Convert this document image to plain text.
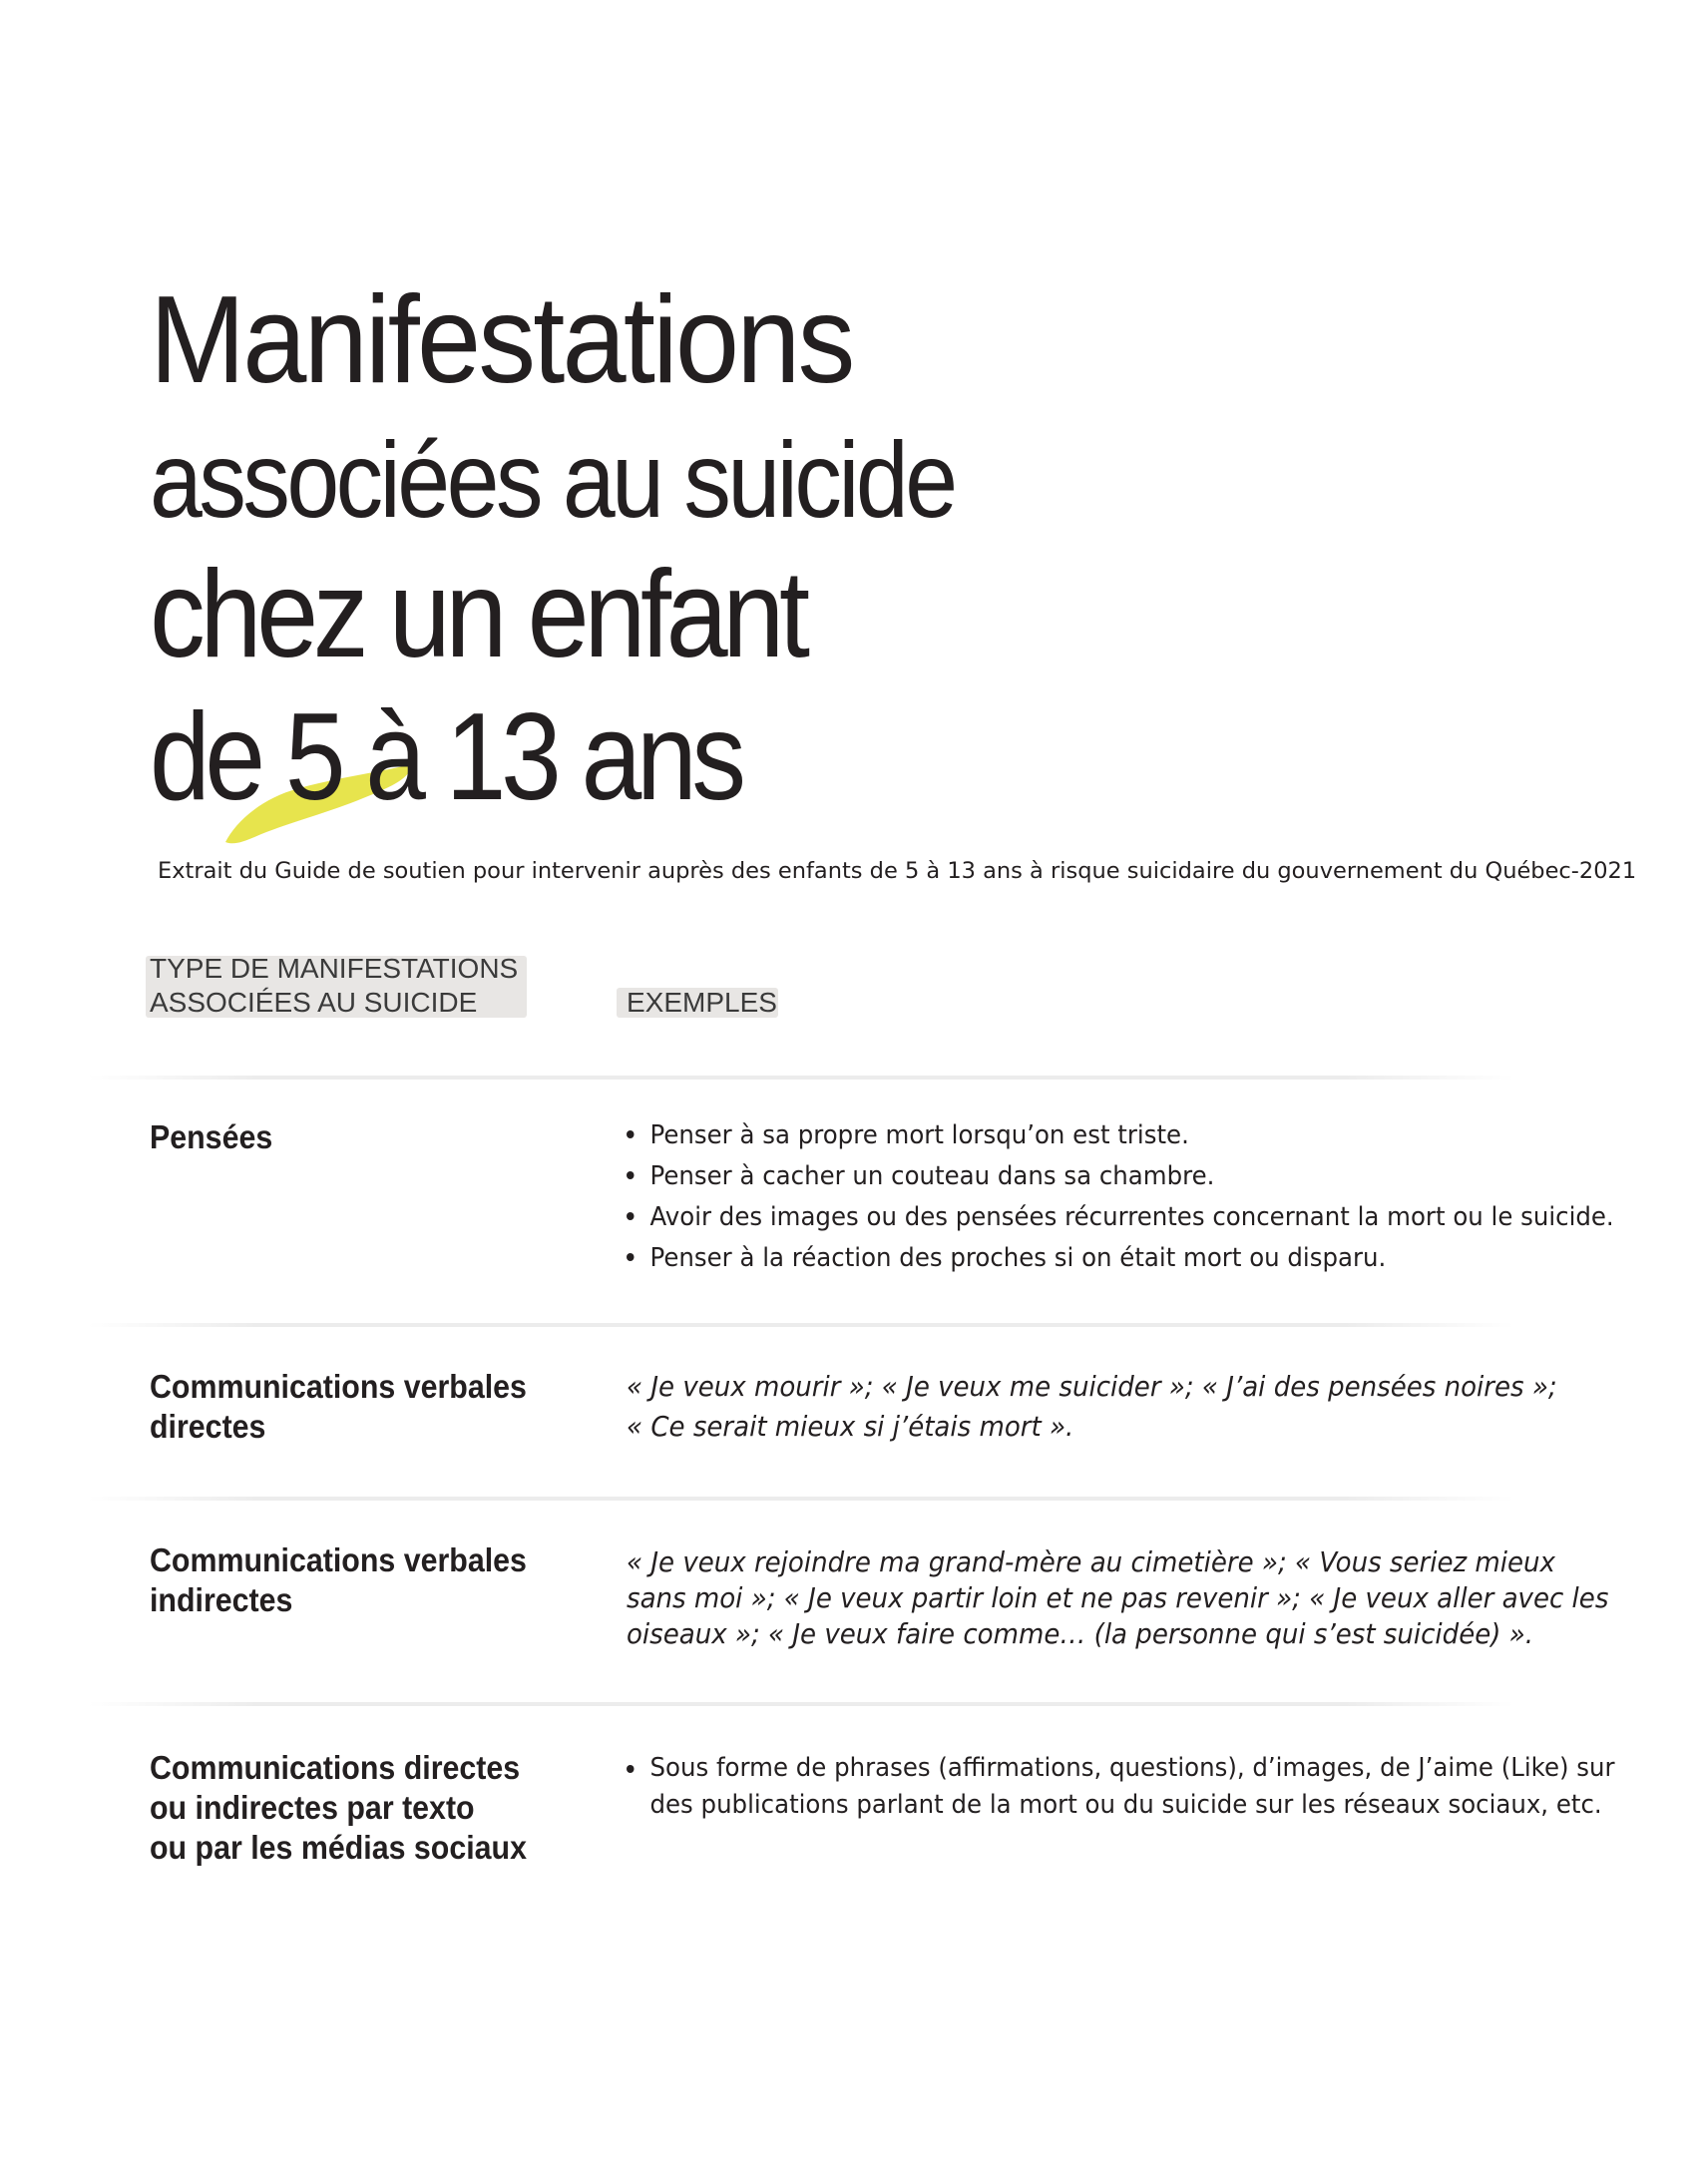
Manifestations
associées au suicide
chez un enfant
de 5 à 13 ans

Extrait du Guide de soutien pour intervenir auprès des enfants de 5 à 13 ans à risque suicidaire du gouvernement du Québec-2021

TYPE DE MANIFESTATIONS
ASSOCIÉES AU SUICIDE	EXEMPLES
Pensées	Penser à sa propre mort lorsqu’on est triste.
Penser à cacher un couteau dans sa chambre.
Avoir des images ou des pensées récurrentes concernant la mort ou le suicide.
Penser à la réaction des proches si on était mort ou disparu.
Communications verbales
directes

« Je veux mourir »; « Je veux me suicider »; « J’ai des pensées noires »;
« Ce serait mieux si j’étais mort ».

Communications verbales
indirectes

« Je veux rejoindre ma grand-mère au cimetière »; « Vous seriez mieux
sans moi »; « Je veux partir loin et ne pas revenir »; « Je veux aller avec les
oiseaux »; « Je veux faire comme… (la personne qui s’est suicidée) ».

Communications directes
ou indirectes par texto
ou par les médias sociaux
Sous forme de phrases (affirmations, questions), d’images, de J’aime (Like) sur
des publications parlant de la mort ou du suicide sur les réseaux sociaux, etc.
